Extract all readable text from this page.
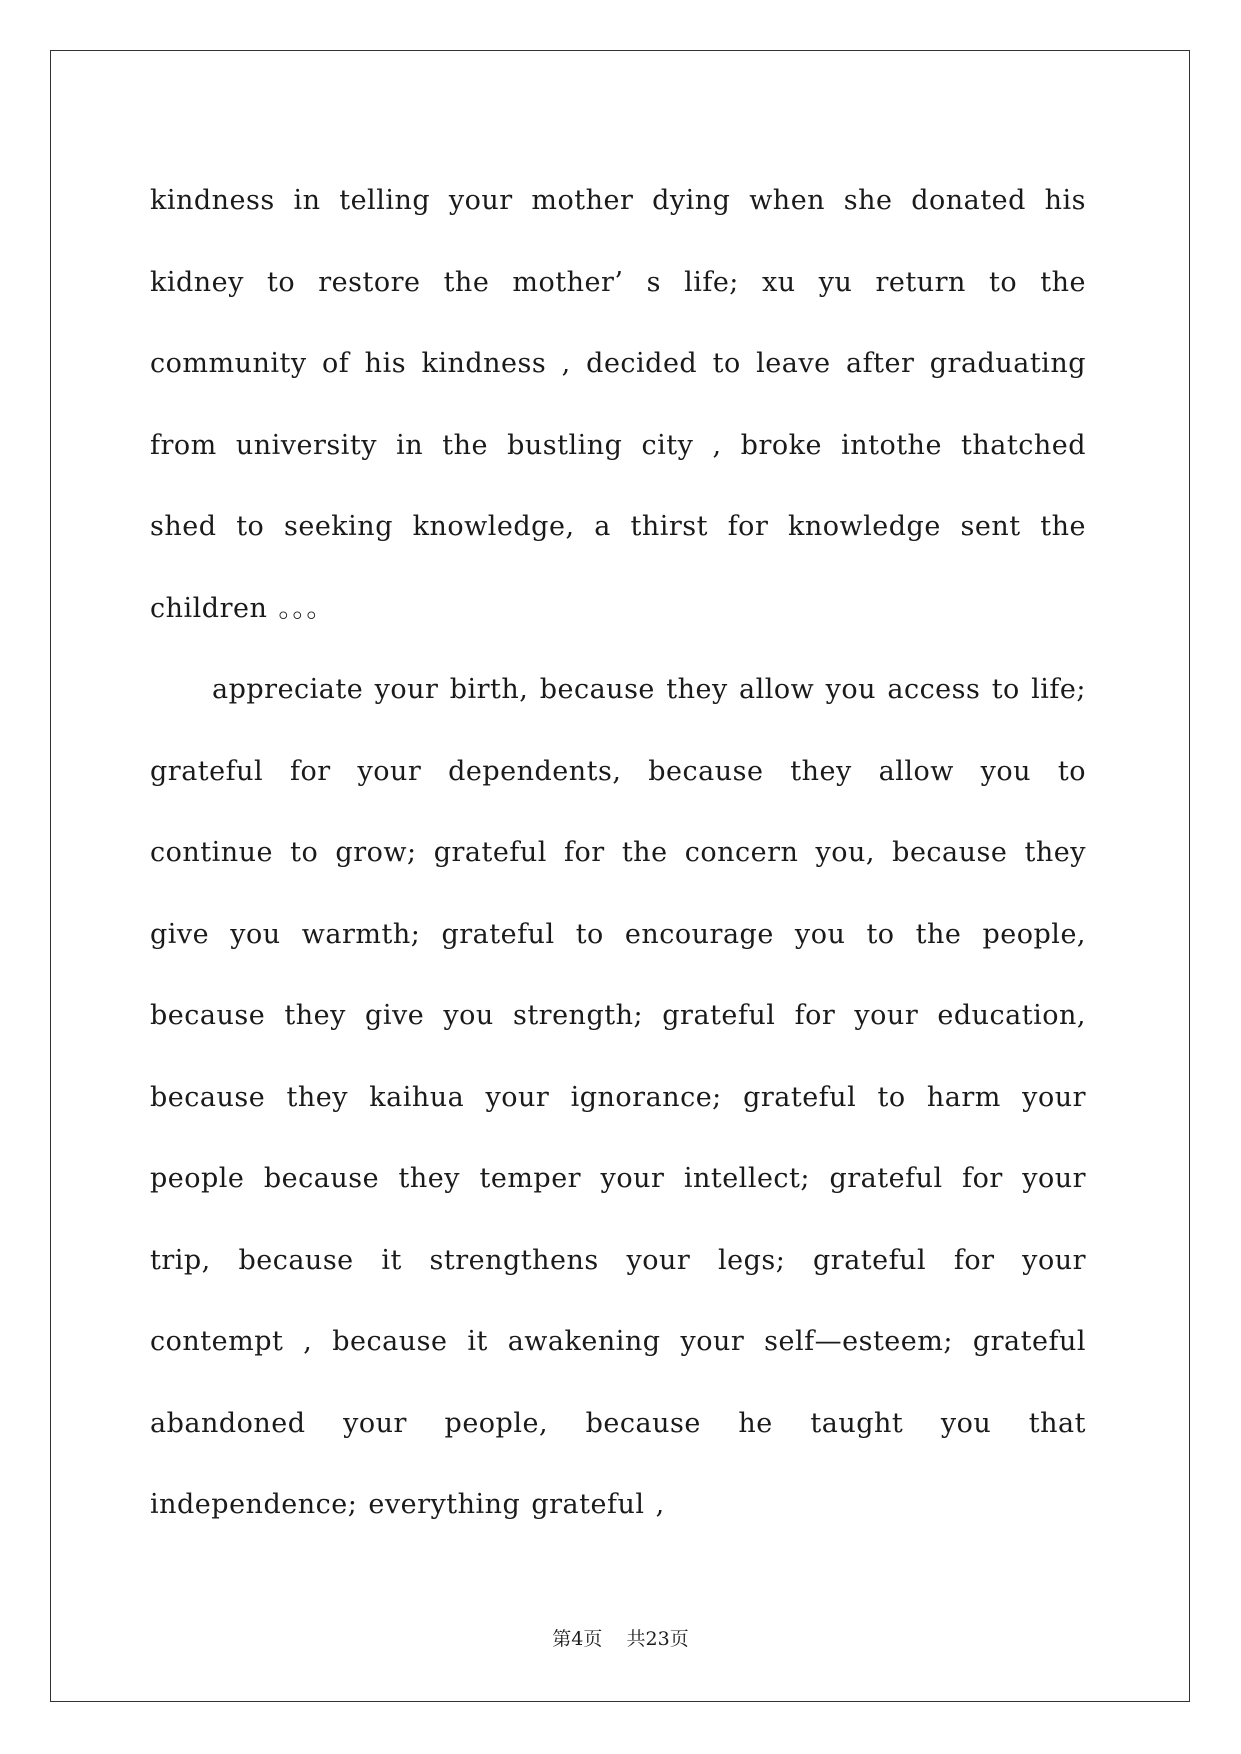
kindness in telling your mother dying when she donated his kidney to restore the mother’ s life; xu yu return to the community of his kindness , decided to leave after graduating from university in the bustling city , broke intothe thatched shed to seeking knowledge, a thirst for knowledge sent the children 。。。

appreciate your birth, because they allow you access to life; grateful for your dependents, because they allow you to continue to grow; grateful for the concern you, because they give you warmth; grateful to encourage you to the people, because they give you strength; grateful for your education, because they kaihua your ignorance; grateful to harm your people because they temper your intellect; grateful for your trip, because it strengthens your legs; grateful for your contempt , because it awakening your self—esteem; grateful abandoned your people, because he taught you that independence; everything grateful ,

第4页 共23页
